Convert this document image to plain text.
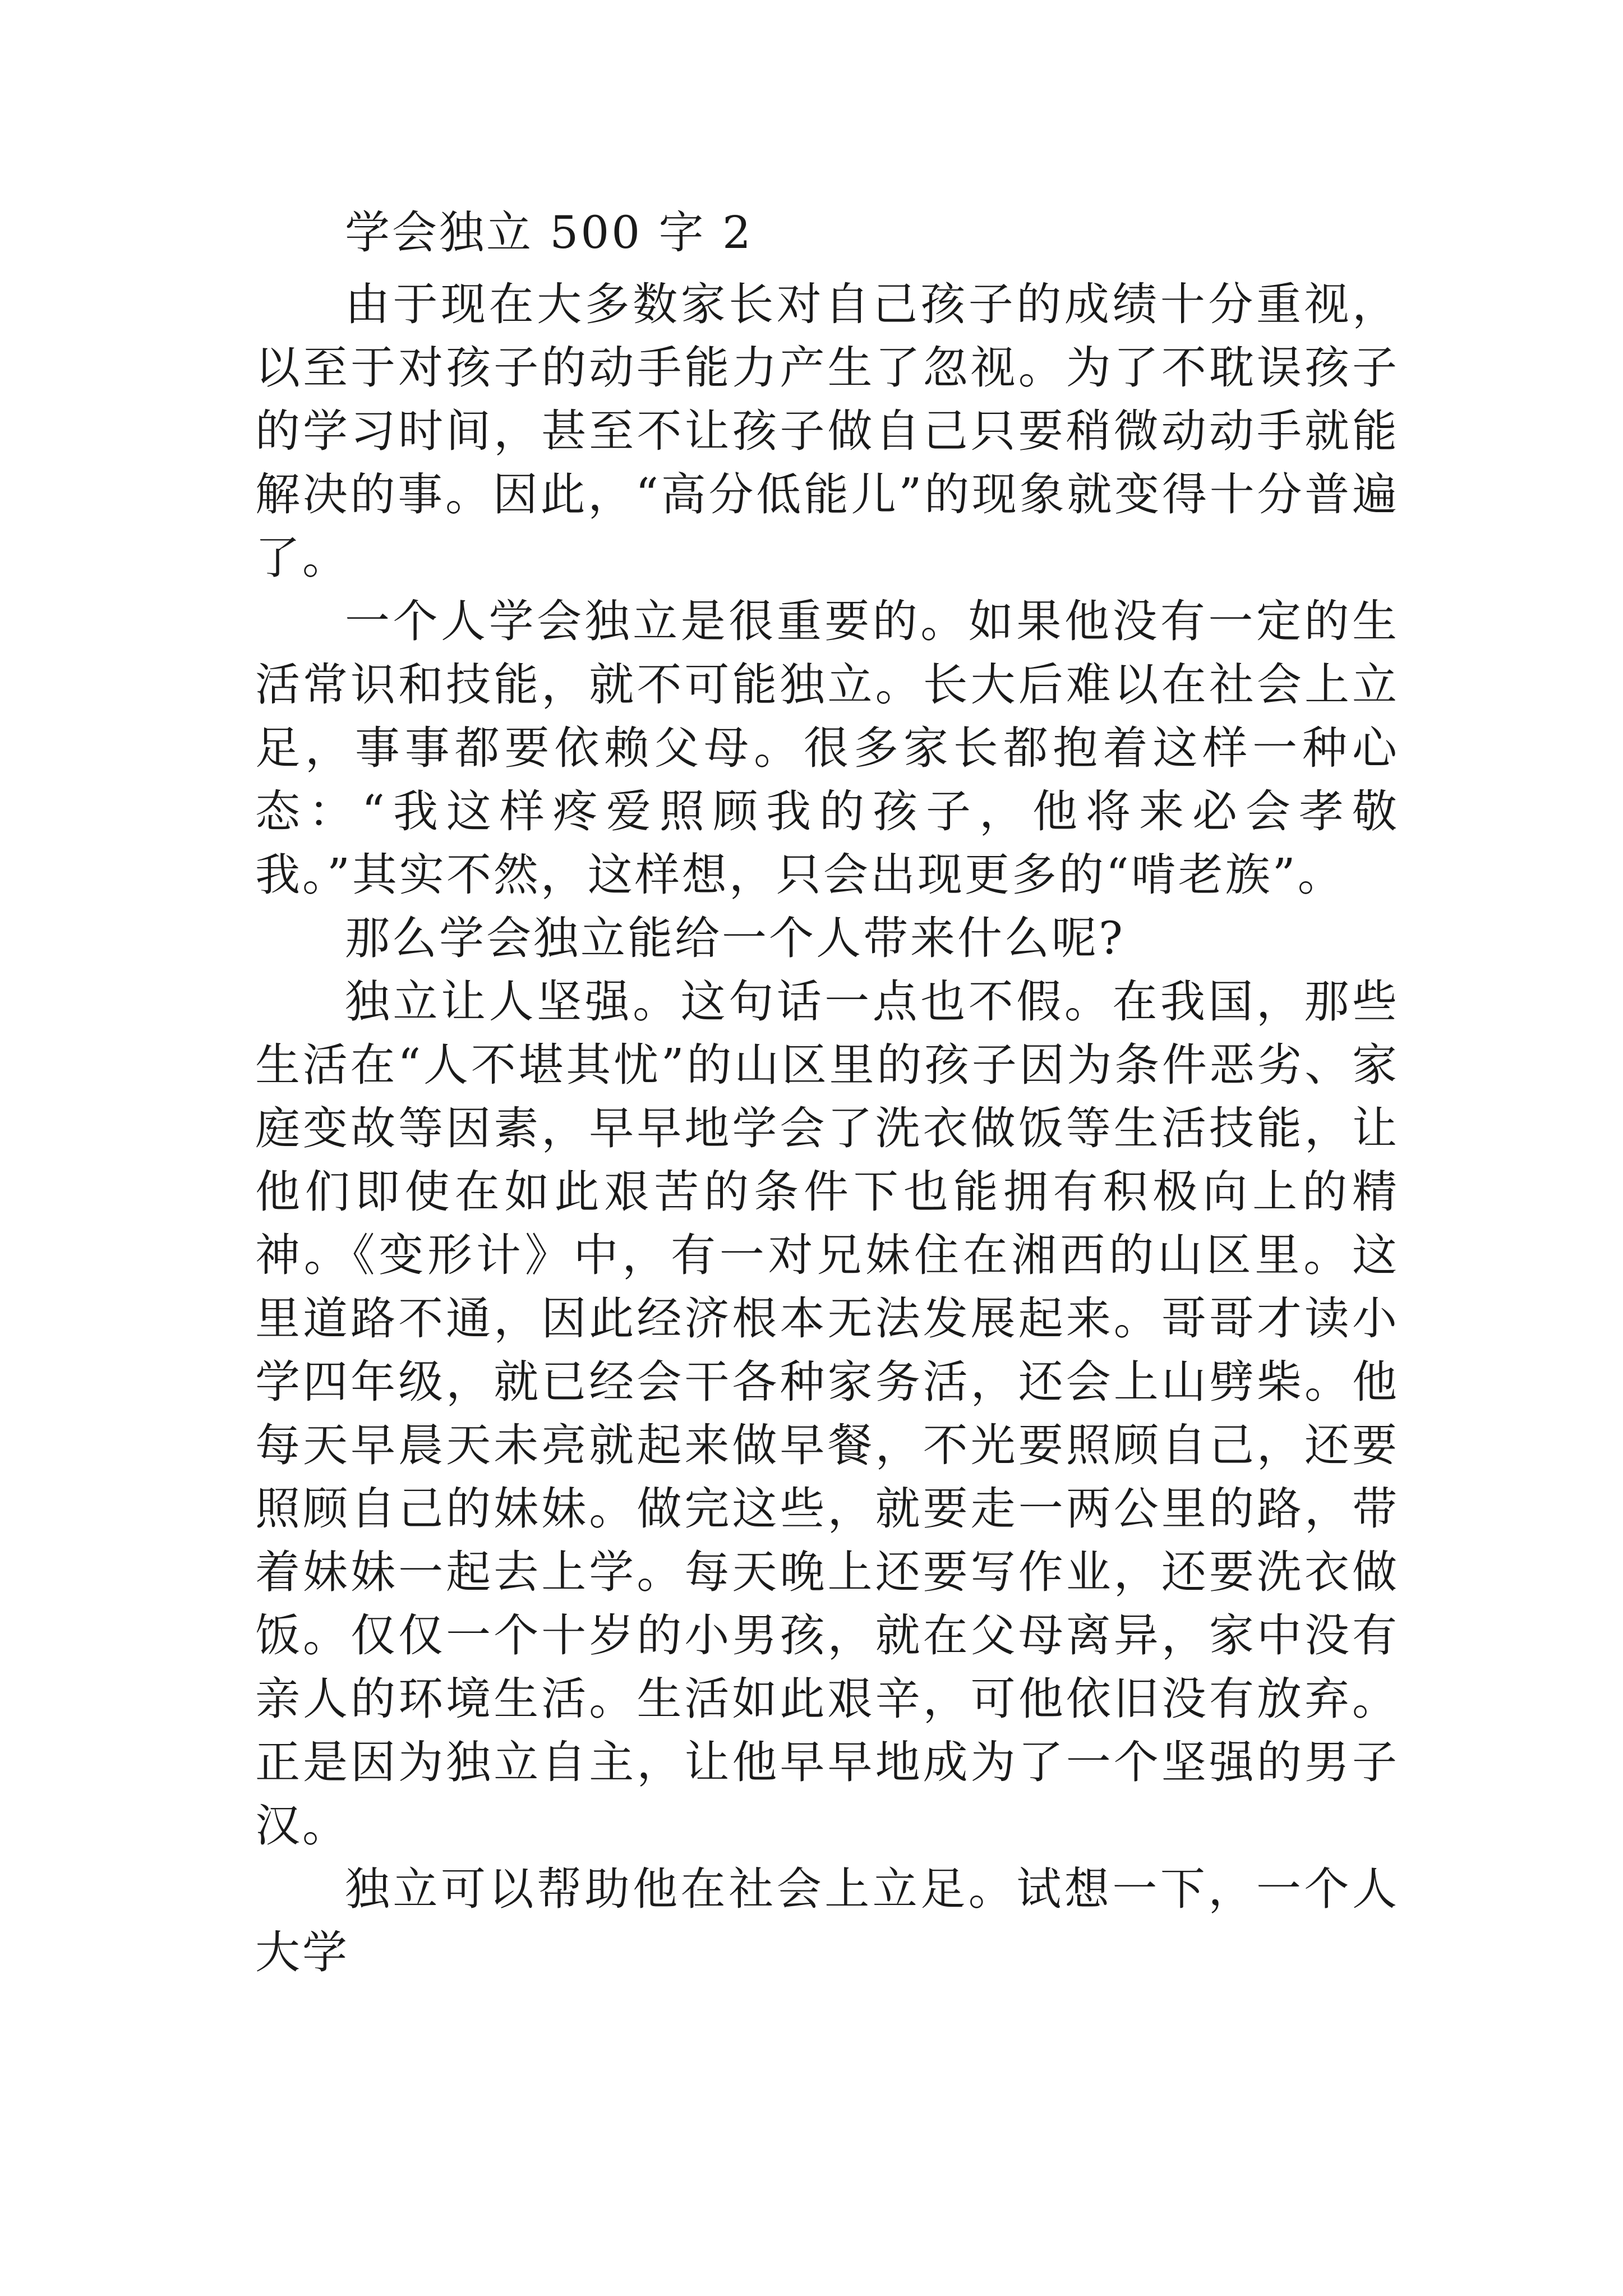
学会独立 500 字 2

由于现在大多数家长对自己孩子的成绩十分重视，以至于对孩子的动手能力产生了忽视。为了不耽误孩子的学习时间，甚至不让孩子做自己只要稍微动动手就能解决的事。因此，“高分低能儿”的现象就变得十分普遍了。

一个人学会独立是很重要的。如果他没有一定的生活常识和技能，就不可能独立。长大后难以在社会上立足，事事都要依赖父母。很多家长都抱着这样一种心态：“我这样疼爱照顾我的孩子，他将来必会孝敬我。”其实不然，这样想，只会出现更多的“啃老族”。

那么学会独立能给一个人带来什么呢?

独立让人坚强。这句话一点也不假。在我国，那些生活在“人不堪其忧”的山区里的孩子因为条件恶劣、家庭变故等因素，早早地学会了洗衣做饭等生活技能，让他们即使在如此艰苦的条件下也能拥有积极向上的精神。《变形计》中，有一对兄妹住在湘西的山区里。这里道路不通，因此经济根本无法发展起来。哥哥才读小学四年级，就已经会干各种家务活，还会上山劈柴。他每天早晨天未亮就起来做早餐，不光要照顾自己，还要照顾自己的妹妹。做完这些，就要走一两公里的路，带着妹妹一起去上学。每天晚上还要写作业，还要洗衣做饭。仅仅一个十岁的小男孩，就在父母离异，家中没有亲人的环境生活。生活如此艰辛，可他依旧没有放弃。正是因为独立自主，让他早早地成为了一个坚强的男子汉。

独立可以帮助他在社会上立足。试想一下，一个人大学
